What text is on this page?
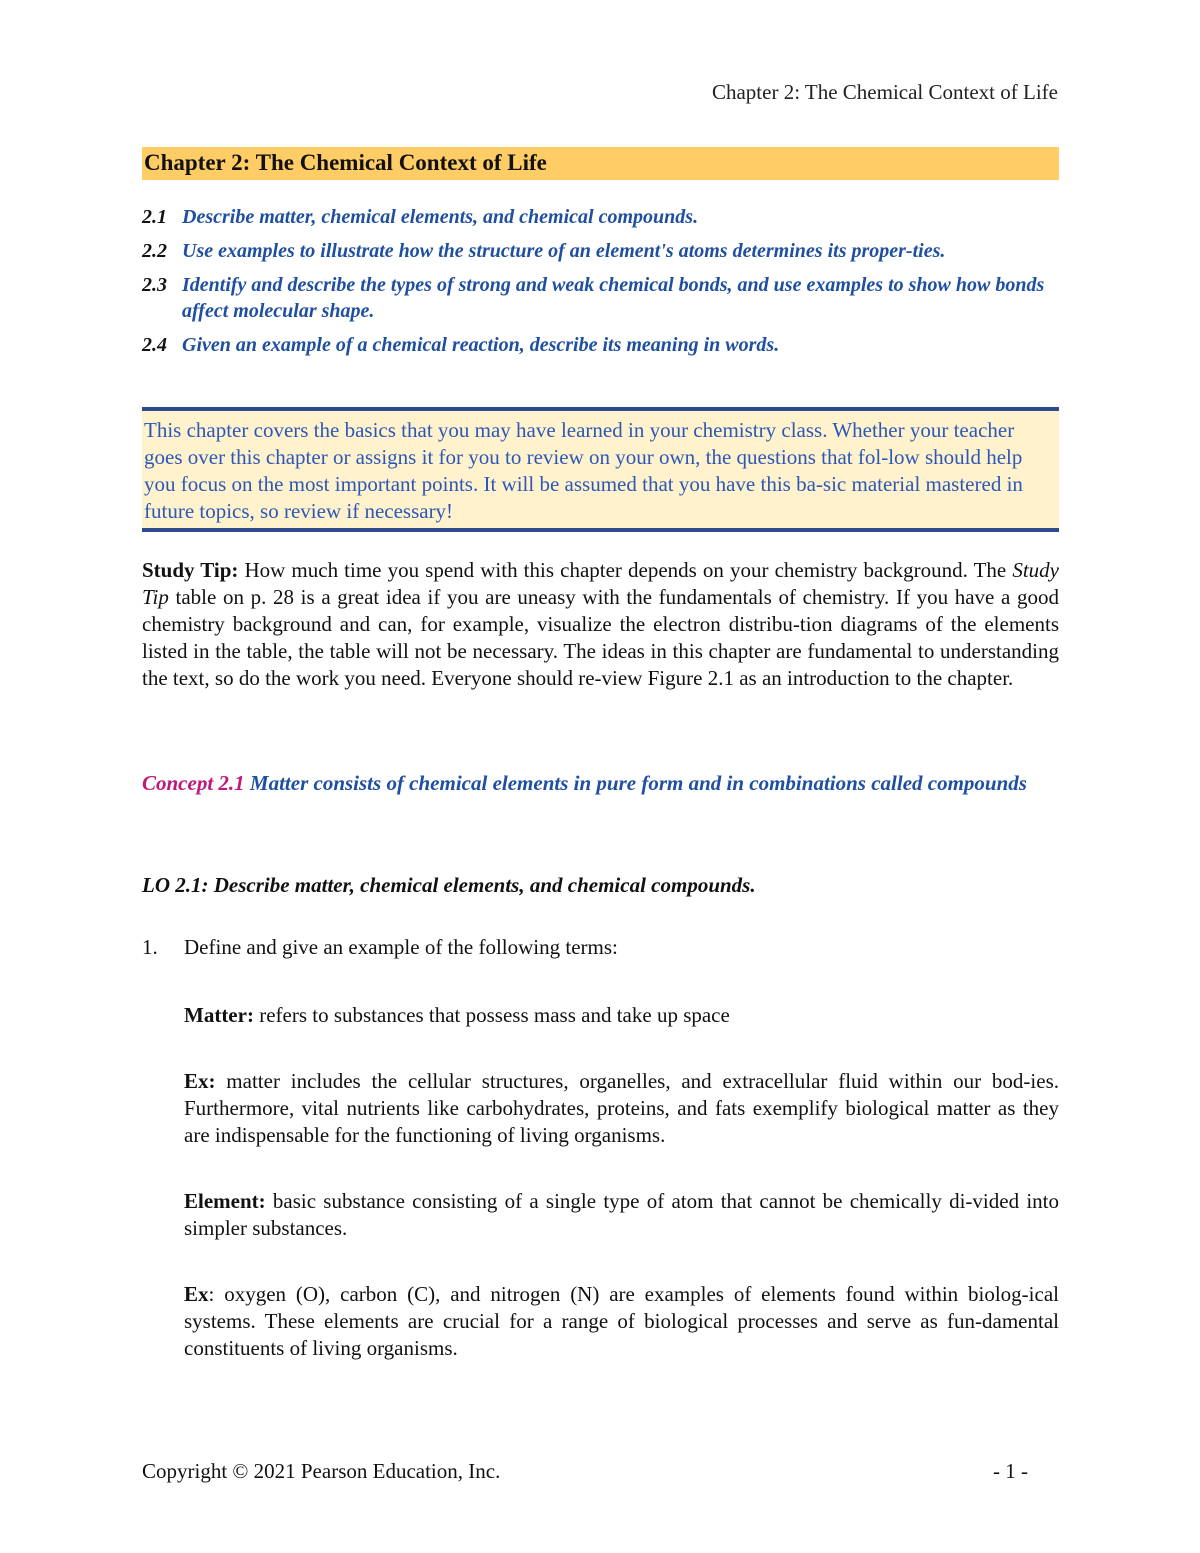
Chapter 2: The Chemical Context of Life
Chapter 2: The Chemical Context of Life
2.1 Describe matter, chemical elements, and chemical compounds.
2.2 Use examples to illustrate how the structure of an element's atoms determines its proper-ties.
2.3 Identify and describe the types of strong and weak chemical bonds, and use examples to show how bonds affect molecular shape.
2.4 Given an example of a chemical reaction, describe its meaning in words.
This chapter covers the basics that you may have learned in your chemistry class. Whether your teacher goes over this chapter or assigns it for you to review on your own, the questions that fol-low should help you focus on the most important points. It will be assumed that you have this ba-sic material mastered in future topics, so review if necessary!
Study Tip: How much time you spend with this chapter depends on your chemistry background. The Study Tip table on p. 28 is a great idea if you are uneasy with the fundamentals of chemistry. If you have a good chemistry background and can, for example, visualize the electron distribu-tion diagrams of the elements listed in the table, the table will not be necessary. The ideas in this chapter are fundamental to understanding the text, so do the work you need. Everyone should re-view Figure 2.1 as an introduction to the chapter.
Concept 2.1 Matter consists of chemical elements in pure form and in combinations called compounds
LO 2.1: Describe matter, chemical elements, and chemical compounds.
1.	Define and give an example of the following terms:
Matter: refers to substances that possess mass and take up space
Ex: matter includes the cellular structures, organelles, and extracellular fluid within our bod-ies. Furthermore, vital nutrients like carbohydrates, proteins, and fats exemplify biological matter as they are indispensable for the functioning of living organisms.
Element: basic substance consisting of a single type of atom that cannot be chemically di-vided into simpler substances.
Ex: oxygen (O), carbon (C), and nitrogen (N) are examples of elements found within biolog-ical systems. These elements are crucial for a range of biological processes and serve as fun-damental constituents of living organisms.
Copyright © 2021 Pearson Education, Inc.	- 1 -
